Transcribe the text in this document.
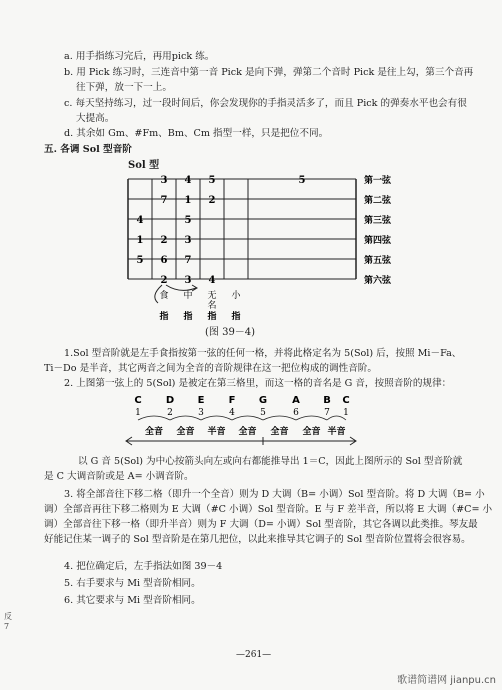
a. 用手指练习完后，再用pick 练。
b. 用 Pick 练习时，三连音中第一音 Pick 是向下弹，弹第二个音时 Pick 是往上勾，第三个音再
往下弹，放一下一上。
c. 每天坚持练习，过一段时间后，你会发现你的手指灵活多了，而且 Pick 的弹奏水平也会有很
大提高。
d. 其余如 Gm、#Fm、Bm、Cm 指型一样，只是把位不同。
五. 各调 Sol 型音阶
Sol 型
第一弦
第二弦
第三弦
第四弦
第五弦
第六弦
3 4 5	5
7 1 2
4	5
1 2 3
5 6 7
2 3 4
食
指
中
指
无
名
指
小
指
(图 39－4)
1.Sol 型音阶就是左手食指按第一弦的任何一格，并将此格定名为 5(Sol) 后，按照 Mi－Fa、
Ti－Do 是半音，其它两音之间为全音的音阶规律在这一把位构成的调性音阶。
2. 上图第一弦上的 5(Sol) 是被定在第三格里，而这一格的音名是 G 音，按照音阶的规律：
C
1
D
2
E
3
F
4
G
5
A
6
B
7
C
1
全音 全音 半音 全音 全音 全音 半音
以 G 音 5(Sol) 为中心按箭头向左或向右都能推导出 1＝C，因此上图所示的 Sol 型音阶就
是 C 大调音阶或是 A= 小调音阶。
3. 将全部音往下移二格（即升一个全音）则为 D 大调（B= 小调）Sol 型音阶。将 D 大调（B= 小
调）全部音再往下移二格则为 E 大调（#C 小调）Sol 型音阶。E 与 F 差半音，所以将 E 大调（#C= 小
调）全部音往下移一格（即升半音）则为 F 大调（D= 小调）Sol 型音阶，其它各调以此类推。琴友最
好能记住某一调子的 Sol 型音阶是在第几把位，以此来推导其它调子的 Sol 型音阶位置将会很容易。
4. 把位确定后，左手指法如图 39－4
5. 右手要求与 Mi 型音阶相同。
6. 其它要求与 Mi 型音阶相同。
—261—
反
7
歌谱简谱网 jianpu.cn
